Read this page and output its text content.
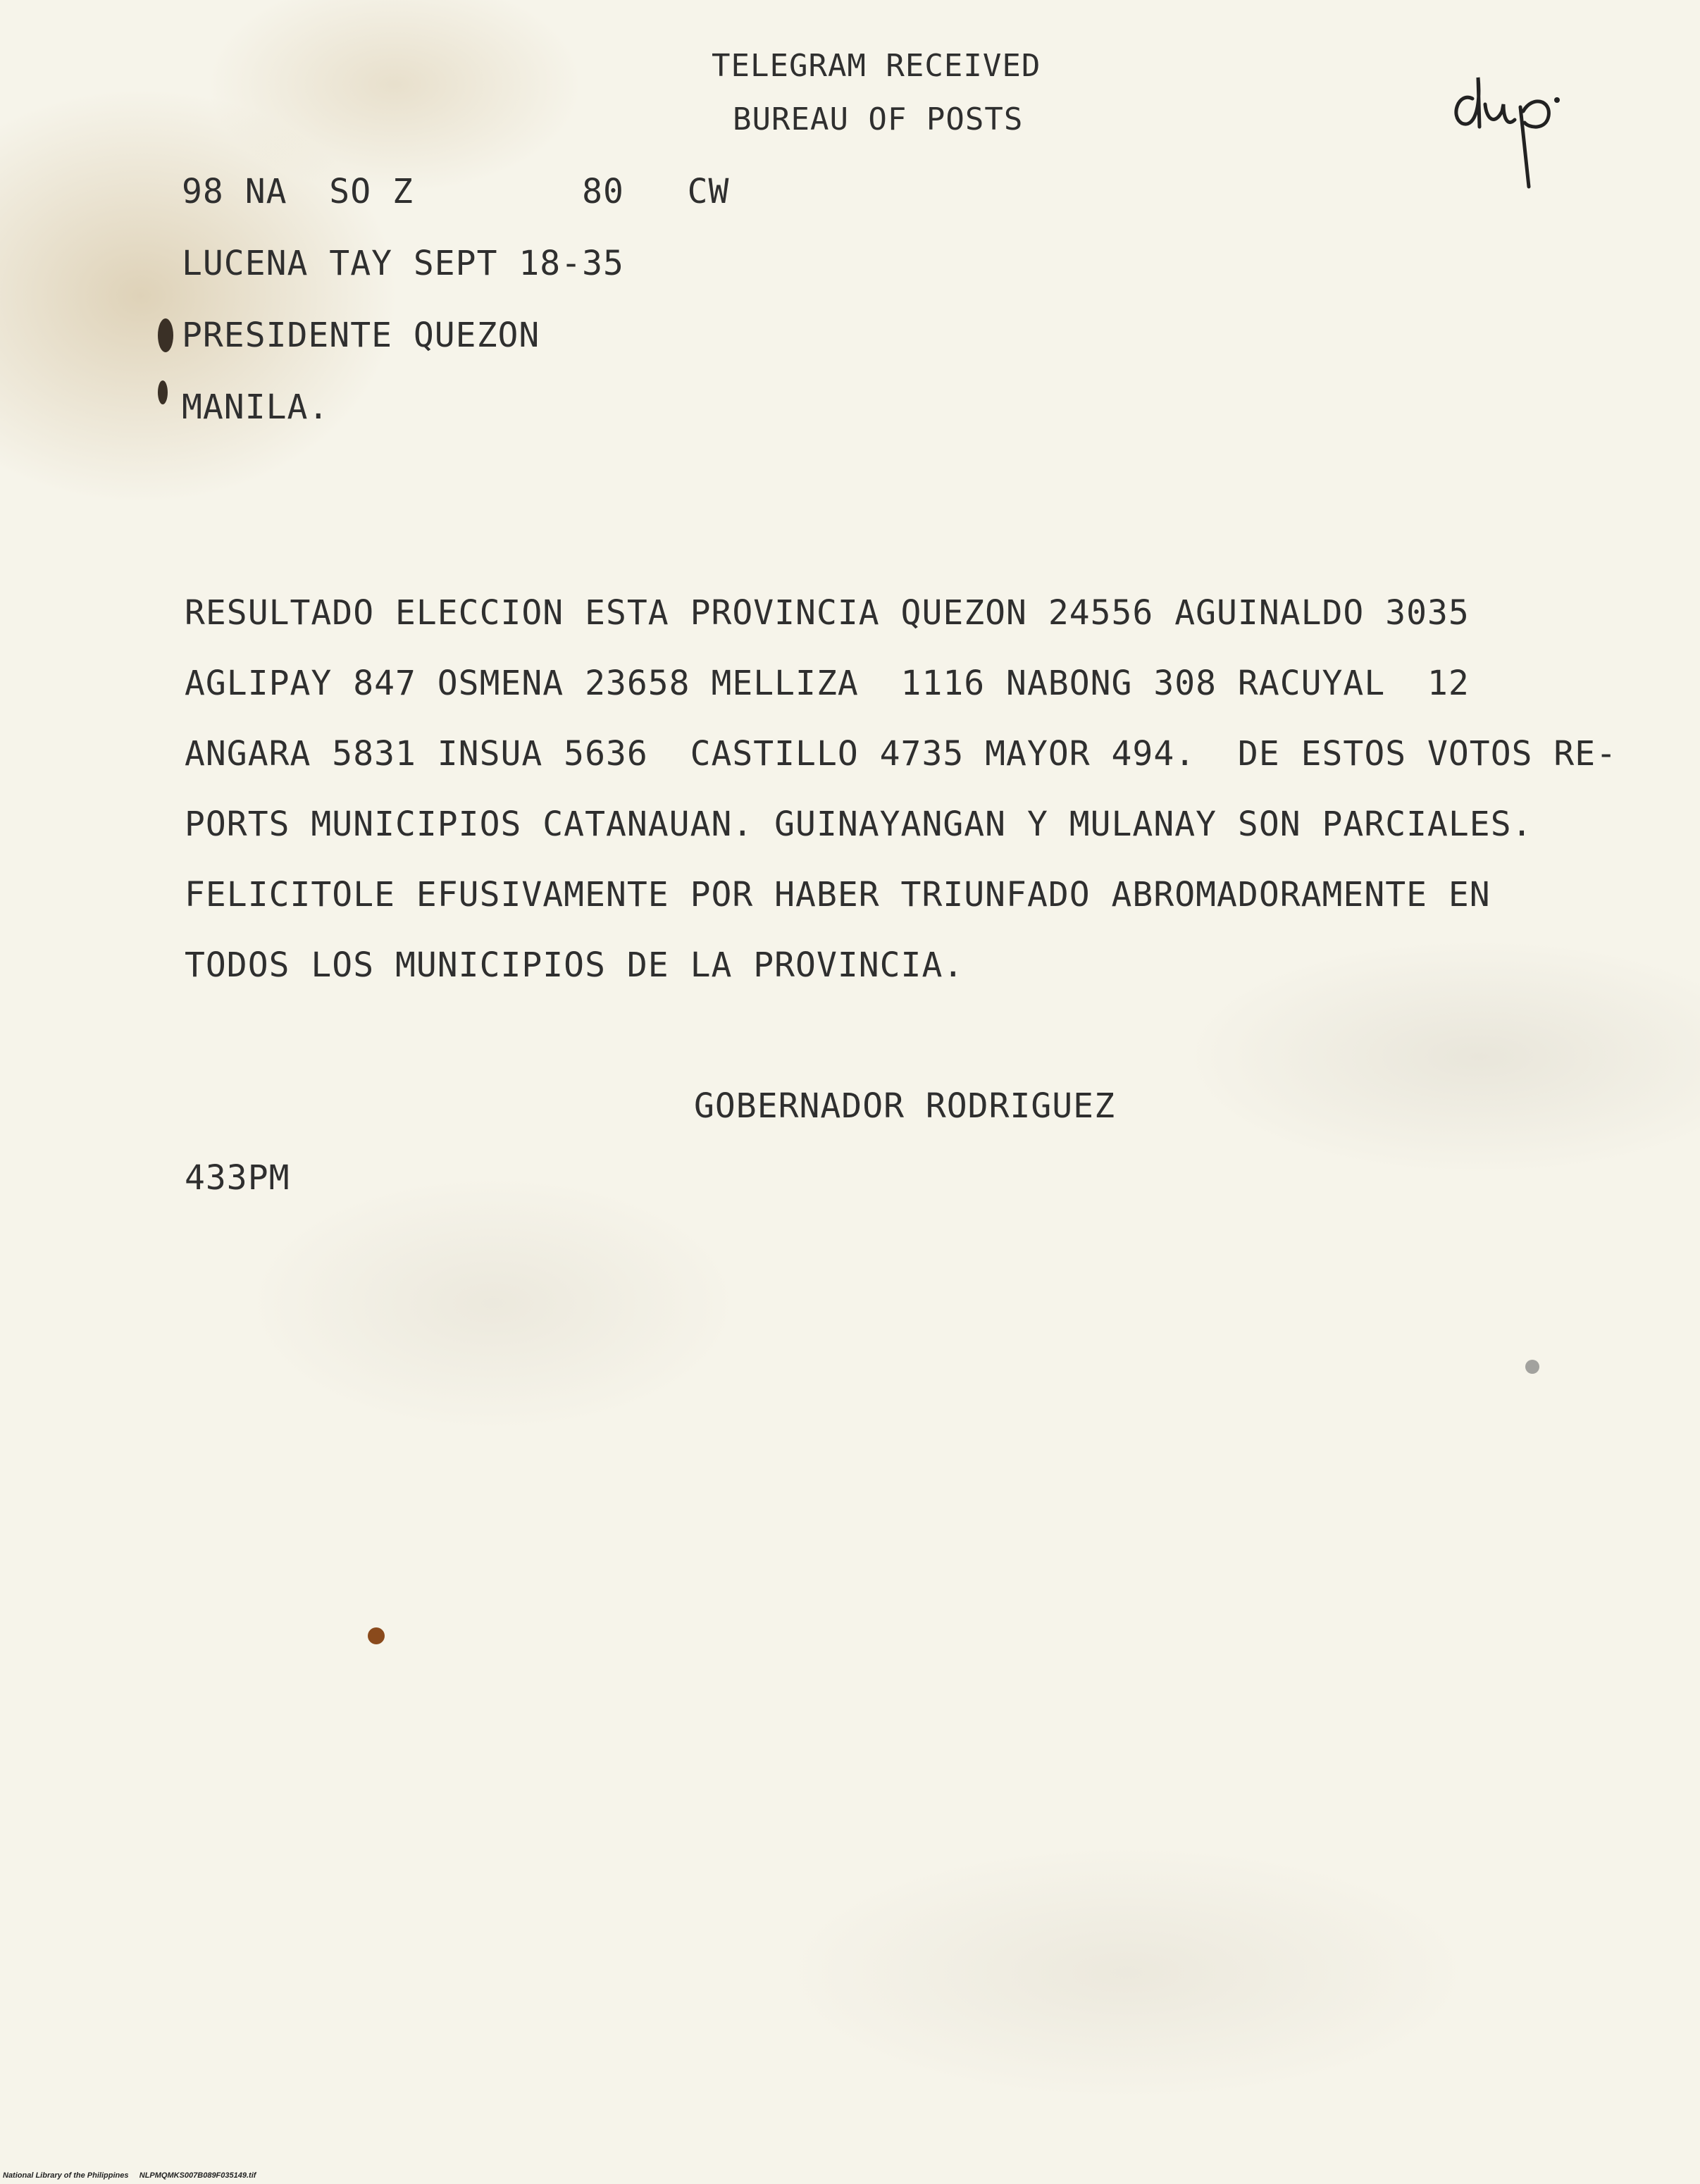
TELEGRAM RECEIVED
BUREAU OF POSTS
98 NA  SO Z        80   CW
LUCENA TAY SEPT 18-35
PRESIDENTE QUEZON
MANILA.
RESULTADO ELECCION ESTA PROVINCIA QUEZON 24556 AGUINALDO 3035
AGLIPAY 847 OSMENA 23658 MELLIZA  1116 NABONG 308 RACUYAL  12
ANGARA 5831 INSUA 5636  CASTILLO 4735 MAYOR 494.  DE ESTOS VOTOS RE-
PORTS MUNICIPIOS CATANAUAN. GUINAYANGAN Y MULANAY SON PARCIALES.
FELICITOLE EFUSIVAMENTE POR HABER TRIUNFADO ABROMADORAMENTE EN
TODOS LOS MUNICIPIOS DE LA PROVINCIA.
GOBERNADOR RODRIGUEZ
433PM
National Library of the Philippines     NLPMQMKS007B089F035149.tif
